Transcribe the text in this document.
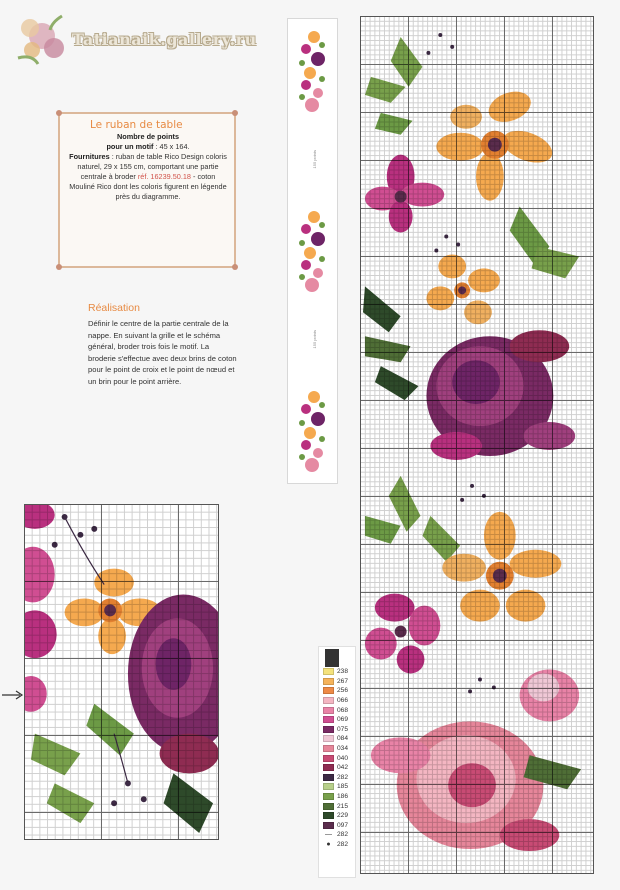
Tatianaik.gallery.ru
Le ruban de table
Nombre de points
pour un motif : 45 x 164.
Fournitures : ruban de table Rico Design coloris naturel, 29 x 155 cm, comportant une partie centrale à broder réf. 16239.50.18 - coton Mouliné Rico dont les coloris figurent en légende près du diagramme.
Réalisation
Définir le centre de la partie centrale de la nappe. En suivant la grille et le schéma général, broder trois fois le motif. La broderie s'effectue avec deux brins de coton pour le point de croix et le point de nœud et un brin pour le point arrière.
155 points
155 points
238
267
256
066
068
069
075
084
034
040
042
282
185
186
215
229
097
— 282
● 282
